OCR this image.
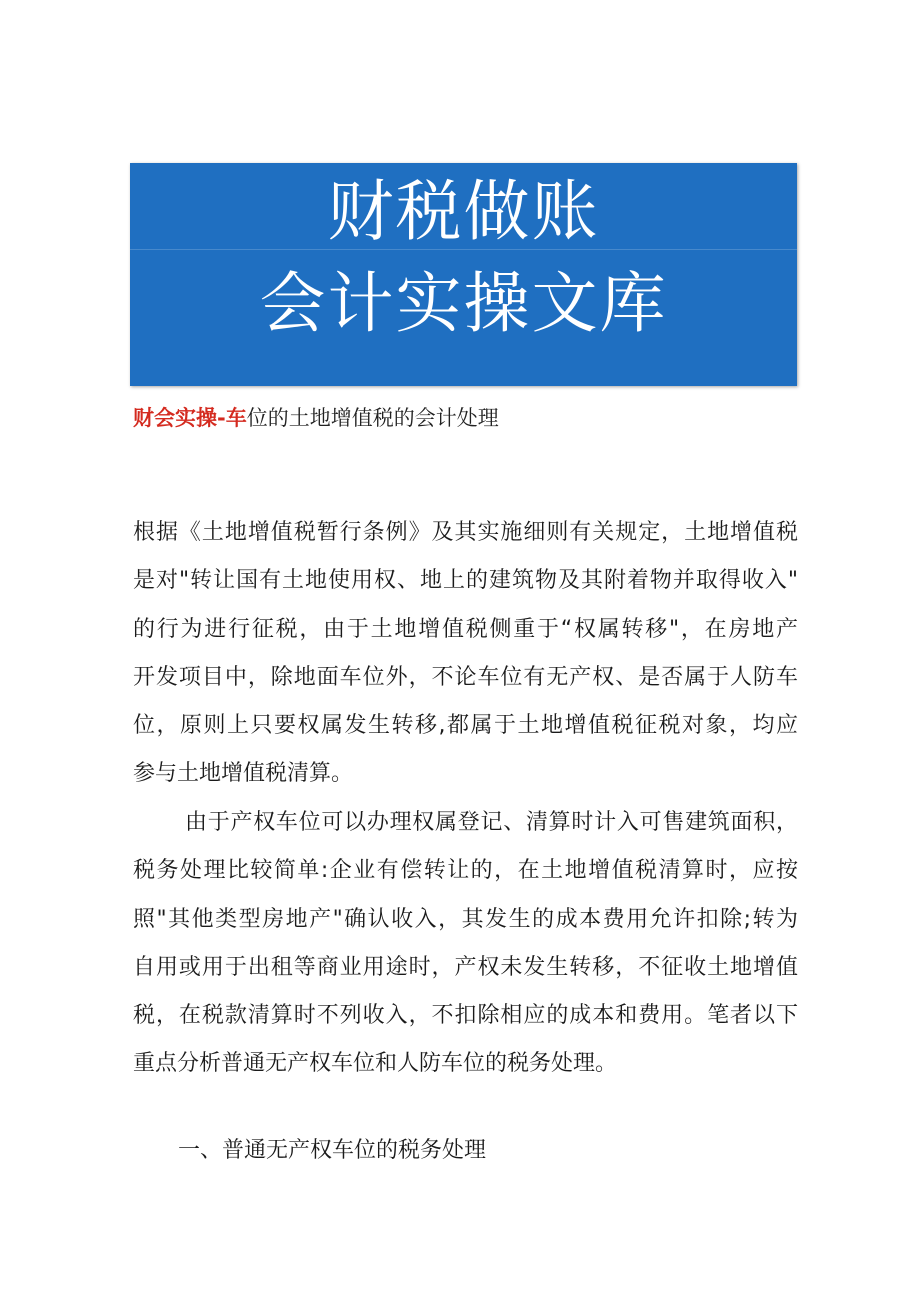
财税做账
会计实操文库
财会实操-车位的土地增值税的会计处理
根据《土地增值税暂行条例》及其实施细则有关规定，土地增值税
是对"转让国有土地使用权、地上的建筑物及其附着物并取得收入"
的行为进行征税，由于土地增值税侧重于“权属转移"，在房地产
开发项目中，除地面车位外，不论车位有无产权、是否属于人防车
位，原则上只要权属发生转移,都属于土地增值税征税对象，均应
参与土地增值税清算。
由于产权车位可以办理权属登记、清算时计入可售建筑面积，
税务处理比较简单:企业有偿转让的，在土地增值税清算时，应按
照"其他类型房地产"确认收入，其发生的成本费用允许扣除;转为
自用或用于出租等商业用途时，产权未发生转移，不征收土地增值
税，在税款清算时不列收入，不扣除相应的成本和费用。笔者以下
重点分析普通无产权车位和人防车位的税务处理。
一、普通无产权车位的税务处理
